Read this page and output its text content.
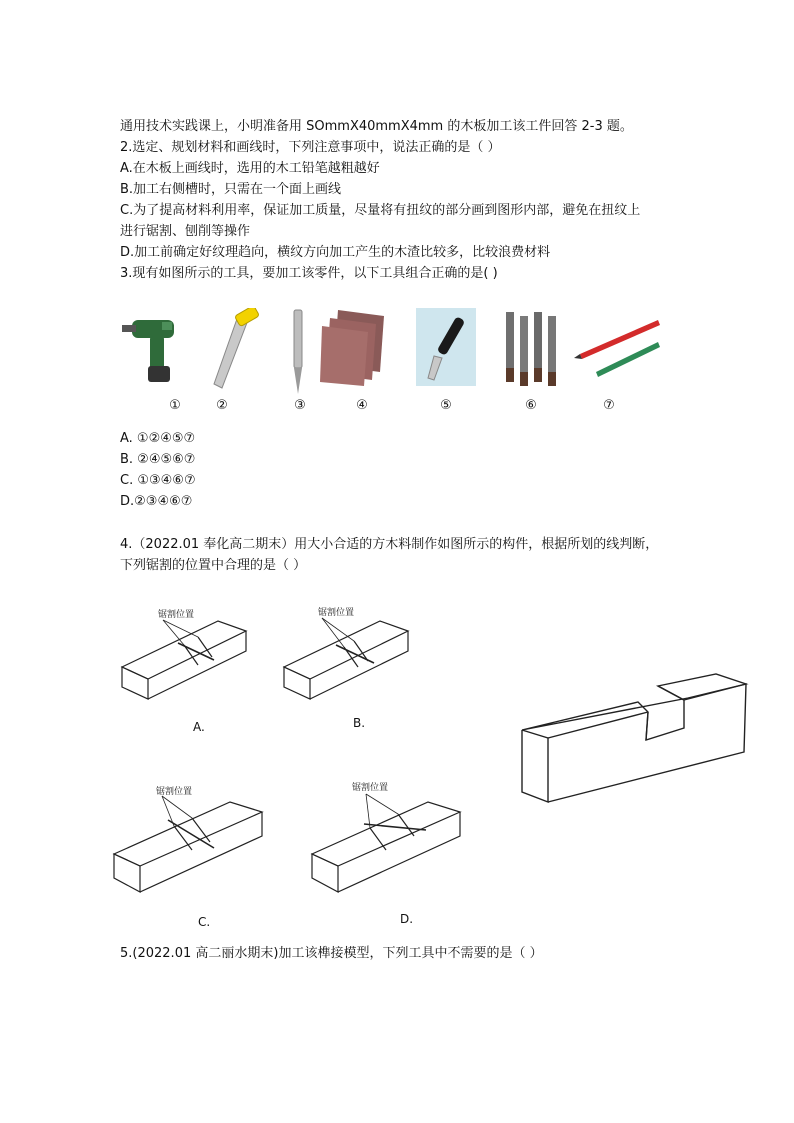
通用技术实践课上，小明准备用 SOmmX40mmX4mm 的木板加工该工件回答 2-3 题。
2.选定、规划材料和画线时，下列注意事项中，说法正确的是（ ）
A.在木板上画线时，选用的木工铅笔越粗越好
B.加工右侧槽时，只需在一个面上画线
C.为了提高材料利用率，保证加工质量，尽量将有扭纹的部分画到图形内部，避免在扭纹上
进行锯割、刨削等操作
D.加工前确定好纹理趋向，横纹方向加工产生的木渣比较多，比较浪费材料
3.现有如图所示的工具，要加工该零件，以下工具组合正确的是( )
①	②	③	④	⑤	⑥	⑦
A. ①②④⑤⑦
B. ②④⑤⑥⑦
C. ①③④⑥⑦
D.②③④⑥⑦
4.（2022.01 奉化高二期末）用大小合适的方木料制作如图所示的构件，根据所划的线判断，
下列锯割的位置中合理的是（ ）
锯割位置
A.
锯割位置
B.
锯割位置
C.
锯割位置
D.
5.(2022.01 高二丽水期末)加工该榫接模型，下列工具中不需要的是（ ）
